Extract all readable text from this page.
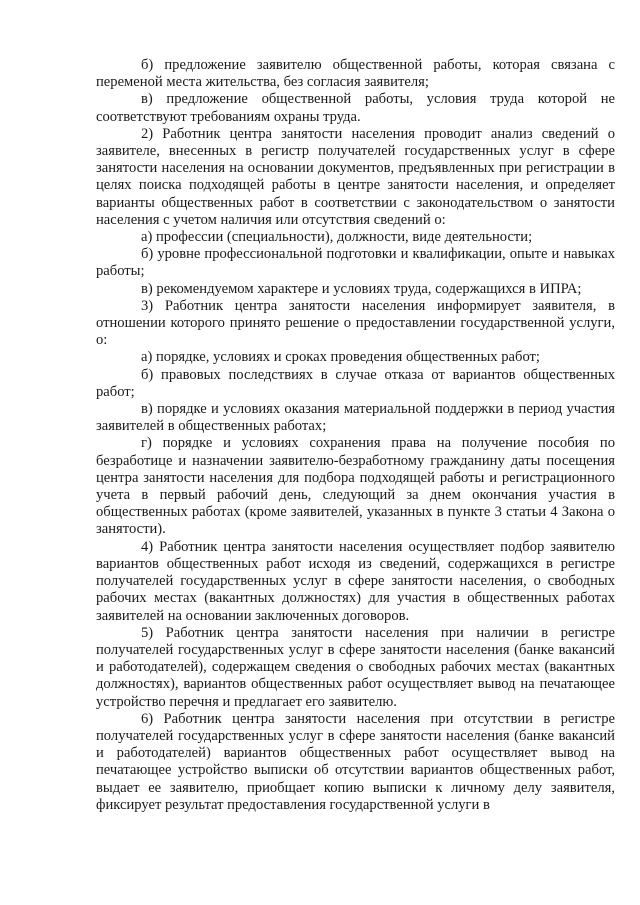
б) предложение заявителю общественной работы, которая связана с переменой места жительства, без согласия заявителя;

в) предложение общественной работы, условия труда которой не соответствуют требованиям охраны труда.

2) Работник центра занятости населения проводит анализ сведений о заявителе, внесенных в регистр получателей государственных услуг в сфере занятости населения на основании документов, предъявленных при регистрации в целях поиска подходящей работы в центре занятости населения, и определяет варианты общественных работ в соответствии с законодательством о занятости населения с учетом наличия или отсутствия сведений о:

а) профессии (специальности), должности, виде деятельности;

б) уровне профессиональной подготовки и квалификации, опыте и навыках работы;

в) рекомендуемом характере и условиях труда, содержащихся в ИПРА;

3) Работник центра занятости населения информирует заявителя, в отношении которого принято решение о предоставлении государственной услуги, о:

а) порядке, условиях и сроках проведения общественных работ;

б) правовых последствиях в случае отказа от вариантов общественных работ;

в) порядке и условиях оказания материальной поддержки в период участия заявителей в общественных работах;

г) порядке и условиях сохранения права на получение пособия по безработице и назначении заявителю-безработному гражданину даты посещения центра занятости населения для подбора подходящей работы и регистрационного учета в первый рабочий день, следующий за днем окончания участия в общественных работах (кроме заявителей, указанных в пункте 3 статьи 4 Закона о занятости).

4) Работник центра занятости населения осуществляет подбор заявителю вариантов общественных работ исходя из сведений, содержащихся в регистре получателей государственных услуг в сфере занятости населения, о свободных рабочих местах (вакантных должностях) для участия в общественных работах заявителей на основании заключенных договоров.

5) Работник центра занятости населения при наличии в регистре получателей государственных услуг в сфере занятости населения (банке вакансий и работодателей), содержащем сведения о свободных рабочих местах (вакантных должностях), вариантов общественных работ осуществляет вывод на печатающее устройство перечня и предлагает его заявителю.

6) Работник центра занятости населения при отсутствии в регистре получателей государственных услуг в сфере занятости населения (банке вакансий и работодателей) вариантов общественных работ осуществляет вывод на печатающее устройство выписки об отсутствии вариантов общественных работ, выдает ее заявителю, приобщает копию выписки к личному делу заявителя, фиксирует результат предоставления государственной услуги в
